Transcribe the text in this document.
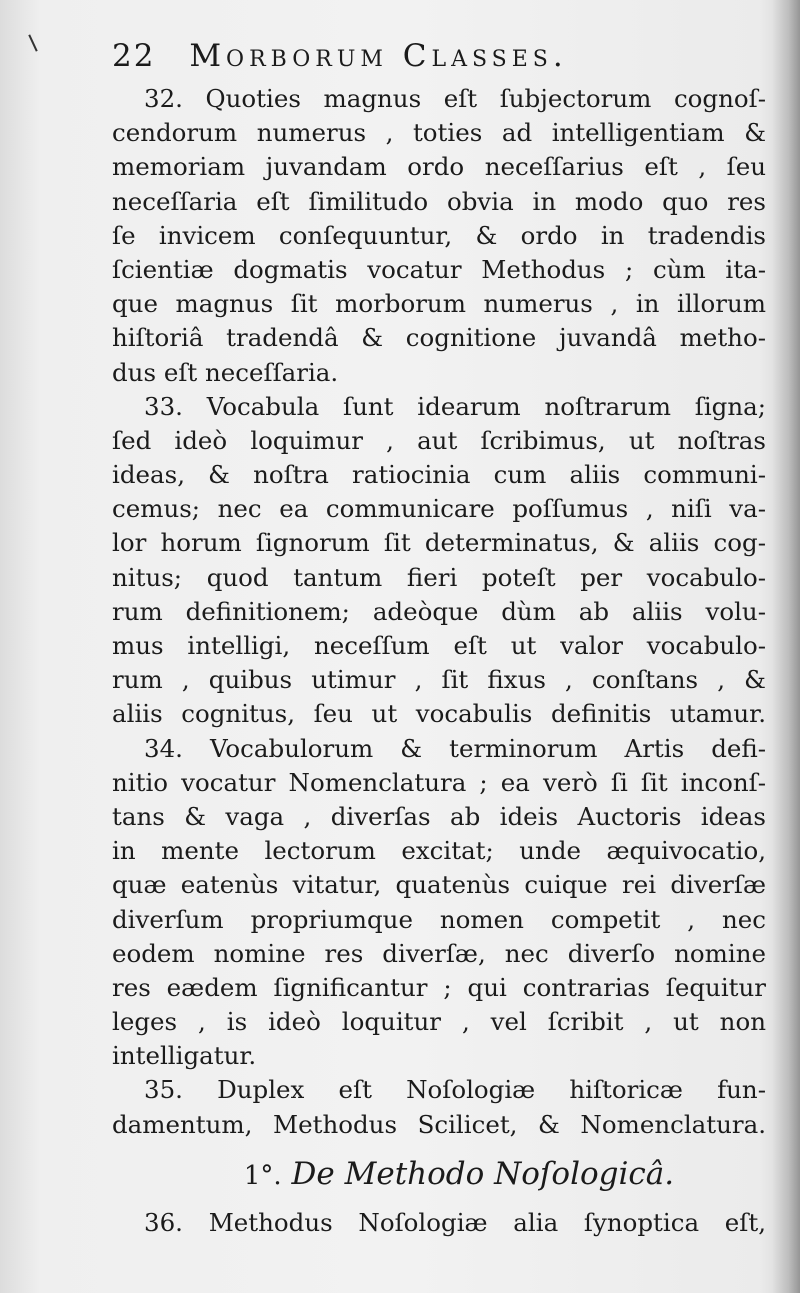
22 Morborum Classes.
32. Quoties magnus eſt ſubjectorum cognoſ-
cendorum numerus , toties ad intelligentiam &
memoriam juvandam ordo neceſſarius eſt , ſeu
neceſſaria eſt ſimilitudo obvia in modo quo res
ſe invicem conſequuntur, & ordo in tradendis
ſcientiæ dogmatis vocatur Methodus ; cùm ita-
que magnus ſit morborum numerus , in illorum
hiſtoriâ tradendâ & cognitione juvandâ metho-
dus eſt neceſſaria.
33. Vocabula ſunt idearum noſtrarum ſigna;
ſed ideò loquimur , aut ſcribimus, ut noſtras
ideas, & noſtra ratiocinia cum aliis communi-
cemus; nec ea communicare poſſumus , niſi va-
lor horum ſignorum ſit determinatus, & aliis cog-
nitus; quod tantum fieri poteſt per vocabulo-
rum definitionem; adeòque dùm ab aliis volu-
mus intelligi, neceſſum eſt ut valor vocabulo-
rum , quibus utimur , ſit fixus , conſtans , &
aliis cognitus, ſeu ut vocabulis definitis utamur.
34. Vocabulorum & terminorum Artis defi-
nitio vocatur Nomenclatura ; ea verò ſi ſit inconſ-
tans & vaga , diverſas ab ideis Auctoris ideas
in mente lectorum excitat; unde æquivocatio,
quæ eatenùs vitatur, quatenùs cuique rei diverſæ
diverſum propriumque nomen competit , nec
eodem nomine res diverſæ, nec diverſo nomine
res eædem ſignificantur ; qui contrarias ſequitur
leges , is ideò loquitur , vel ſcribit , ut non
intelligatur.
35. Duplex eſt Noſologiæ hiſtoricæ fun-
damentum, Methodus Scilicet, & Nomenclatura.
1°. De Methodo Noſologicâ.
36. Methodus Noſologiæ alia ſynoptica eſt,
